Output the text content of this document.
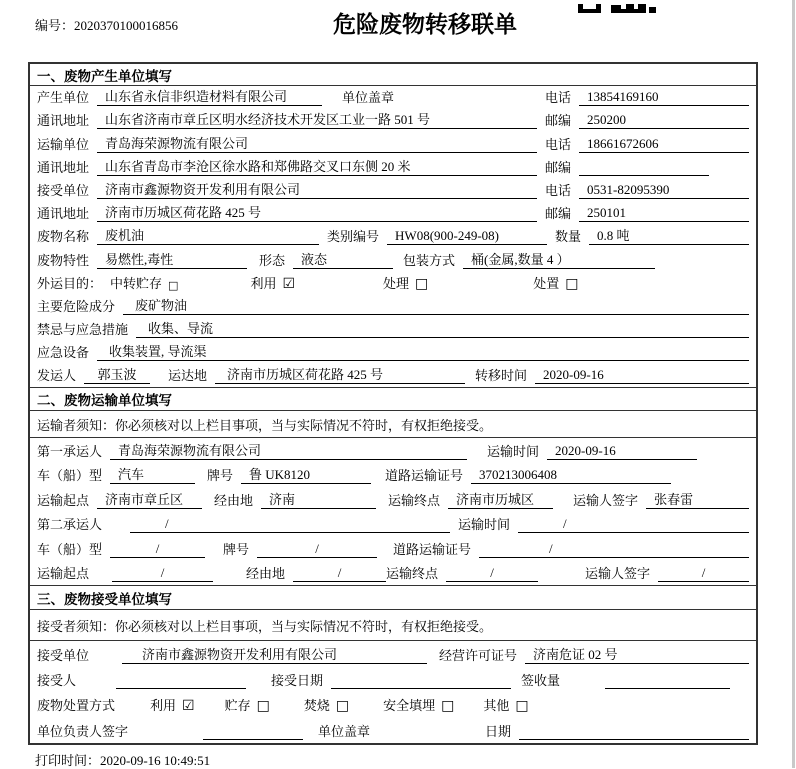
编号：2020370100016856	危险废物转移联单
一、废物产生单位填写
产生单位	山东省永信非织造材料有限公司	单位盖章	电话	13854169160
通讯地址	山东省济南市章丘区明水经济技术开发区工业一路 501 号	邮编	250200
运输单位	青岛海荣源物流有限公司	电话	18661672606
通讯地址	山东省青岛市李沧区徐水路和郑佛路交叉口东侧 20 米	邮编
接受单位	济南市鑫源物资开发利用有限公司	电话	0531-82095390
通讯地址	济南市历城区荷花路 425 号	邮编	250101
废物名称	废机油	类别编号	HW08(900-249-08)	数量	0.8 吨
废物特性	易燃性,毒性	形态	液态	包装方式	桶(金属,数量 4 ）
外运目的： 中转贮存 □	利用 ☑	处理 □	处置 □
主要危险成分	废矿物油
禁忌与应急措施	收集、导流
应急设备	收集装置, 导流渠
发运人	郭玉波	运达地	济南市历城区荷花路 425 号	转移时间	2020-09-16
二、废物运输单位填写
运输者须知：你必须核对以上栏目事项，当与实际情况不符时，有权拒绝接受。
第一承运人	青岛海荣源物流有限公司	运输时间	2020-09-16
车（船）型	汽车	牌号	鲁 UK8120	道路运输证号	370213006408
运输起点	济南市章丘区	经由地	济南	运输终点	济南市历城区	运输人签字	张春雷
第二承运人	/	运输时间	/
车（船）型	/	牌号	/	道路运输证号	/
运输起点	/	经由地	/	运输终点	/	运输人签字	/
三、废物接受单位填写
接受者须知：你必须核对以上栏目事项，当与实际情况不符时，有权拒绝接受。
接受单位	济南市鑫源物资开发利用有限公司	经营许可证号	济南危证 02 号
接受人	接受日期	签收量
废物处置方式	利用 ☑ 贮存 □	焚烧 □	安全填埋 □ 其他 □
单位负责人签字	单位盖章	日期
打印时间：2020-09-16 10:49:51
